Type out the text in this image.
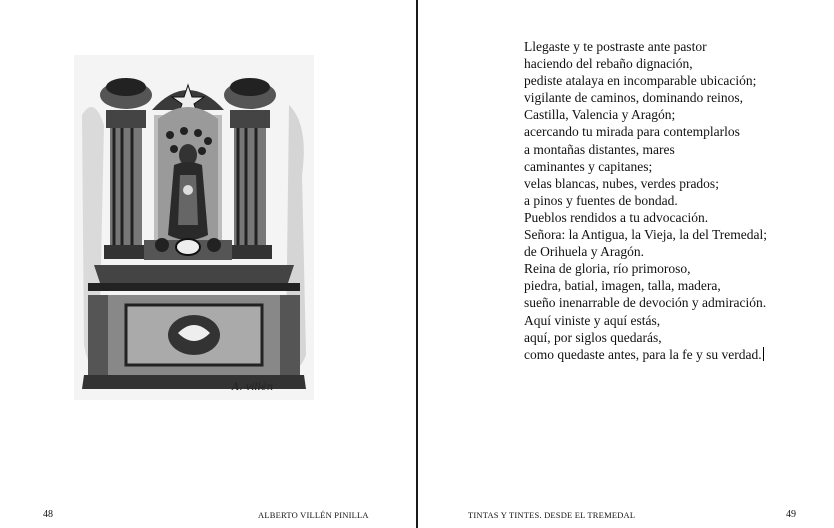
A. villén
48	ALBERTO VILLÉN PINILLA	TINTAS Y TINTES. DESDE EL TREMEDAL	49
Llegaste y te postraste ante pastor
haciendo del rebaño dignación,
pediste atalaya en incomparable ubicación;
vigilante de caminos, dominando reinos,
Castilla, Valencia y Aragón;
acercando tu mirada para contemplarlos
a montañas distantes, mares
caminantes y capitanes;
velas blancas, nubes, verdes prados;
a pinos y fuentes de bondad.
Pueblos rendidos a tu advocación.
Señora: la Antigua, la Vieja, la del Tremedal;
de Orihuela y Aragón.
Reina de gloria, río primoroso,
piedra, batial, imagen, talla, madera,
sueño inenarrable de devoción y admiración.
Aquí viniste y aquí estás,
aquí, por siglos quedarás,
como quedaste antes, para la fe y su verdad.
